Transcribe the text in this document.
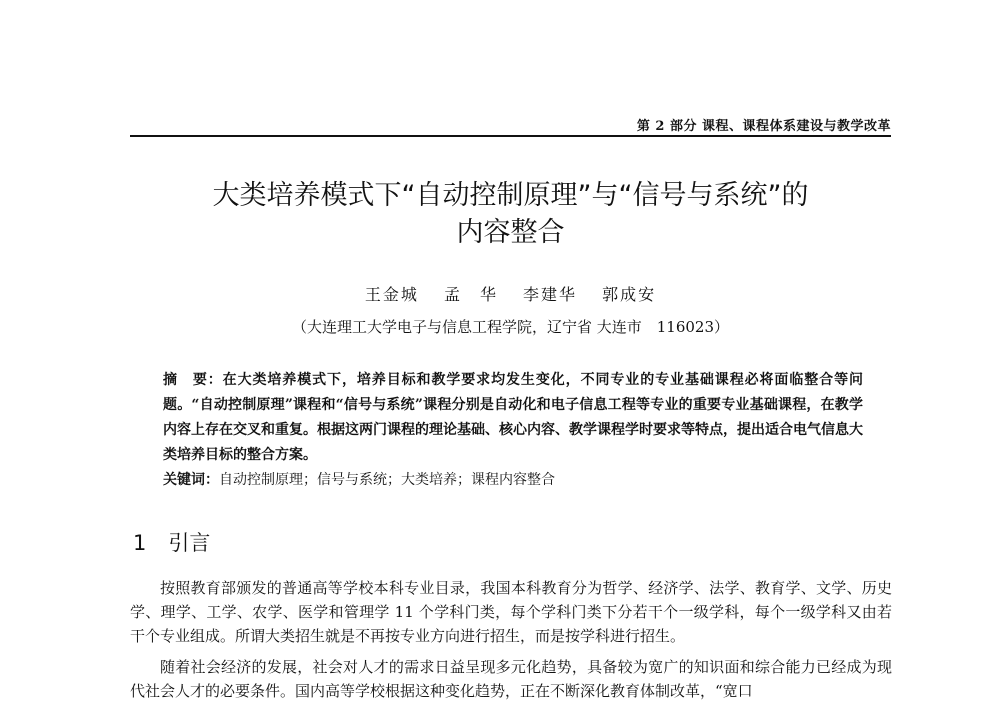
第 2 部分 课程、课程体系建设与教学改革
大类培养模式下“自动控制原理”与“信号与系统”的
内容整合
王金城 孟　华 李建华 郭成安
（大连理工大学电子与信息工程学院，辽宁省 大连市　116023）

摘　要：在大类培养模式下，培养目标和教学要求均发生变化，不同专业的专业基础课程必将面临整合等问题。“自动控制原理”课程和“信号与系统”课程分别是自动化和电子信息工程等专业的重要专业基础课程，在教学内容上存在交叉和重复。根据这两门课程的理论基础、核心内容、教学课程学时要求等特点，提出适合电气信息大类培养目标的整合方案。

关键词：自动控制原理；信号与系统；大类培养；课程内容整合

1 引言

按照教育部颁发的普通高等学校本科专业目录，我国本科教育分为哲学、经济学、法学、教育学、文学、历史学、理学、工学、农学、医学和管理学 11 个学科门类，每个学科门类下分若干个一级学科，每个一级学科又由若干个专业组成。所谓大类招生就是不再按专业方向进行招生，而是按学科进行招生。

随着社会经济的发展，社会对人才的需求日益呈现多元化趋势，具备较为宽广的知识面和综合能力已经成为现代社会人才的必要条件。国内高等学校根据这种变化趋势，正在不断深化教育体制改革，“宽口
